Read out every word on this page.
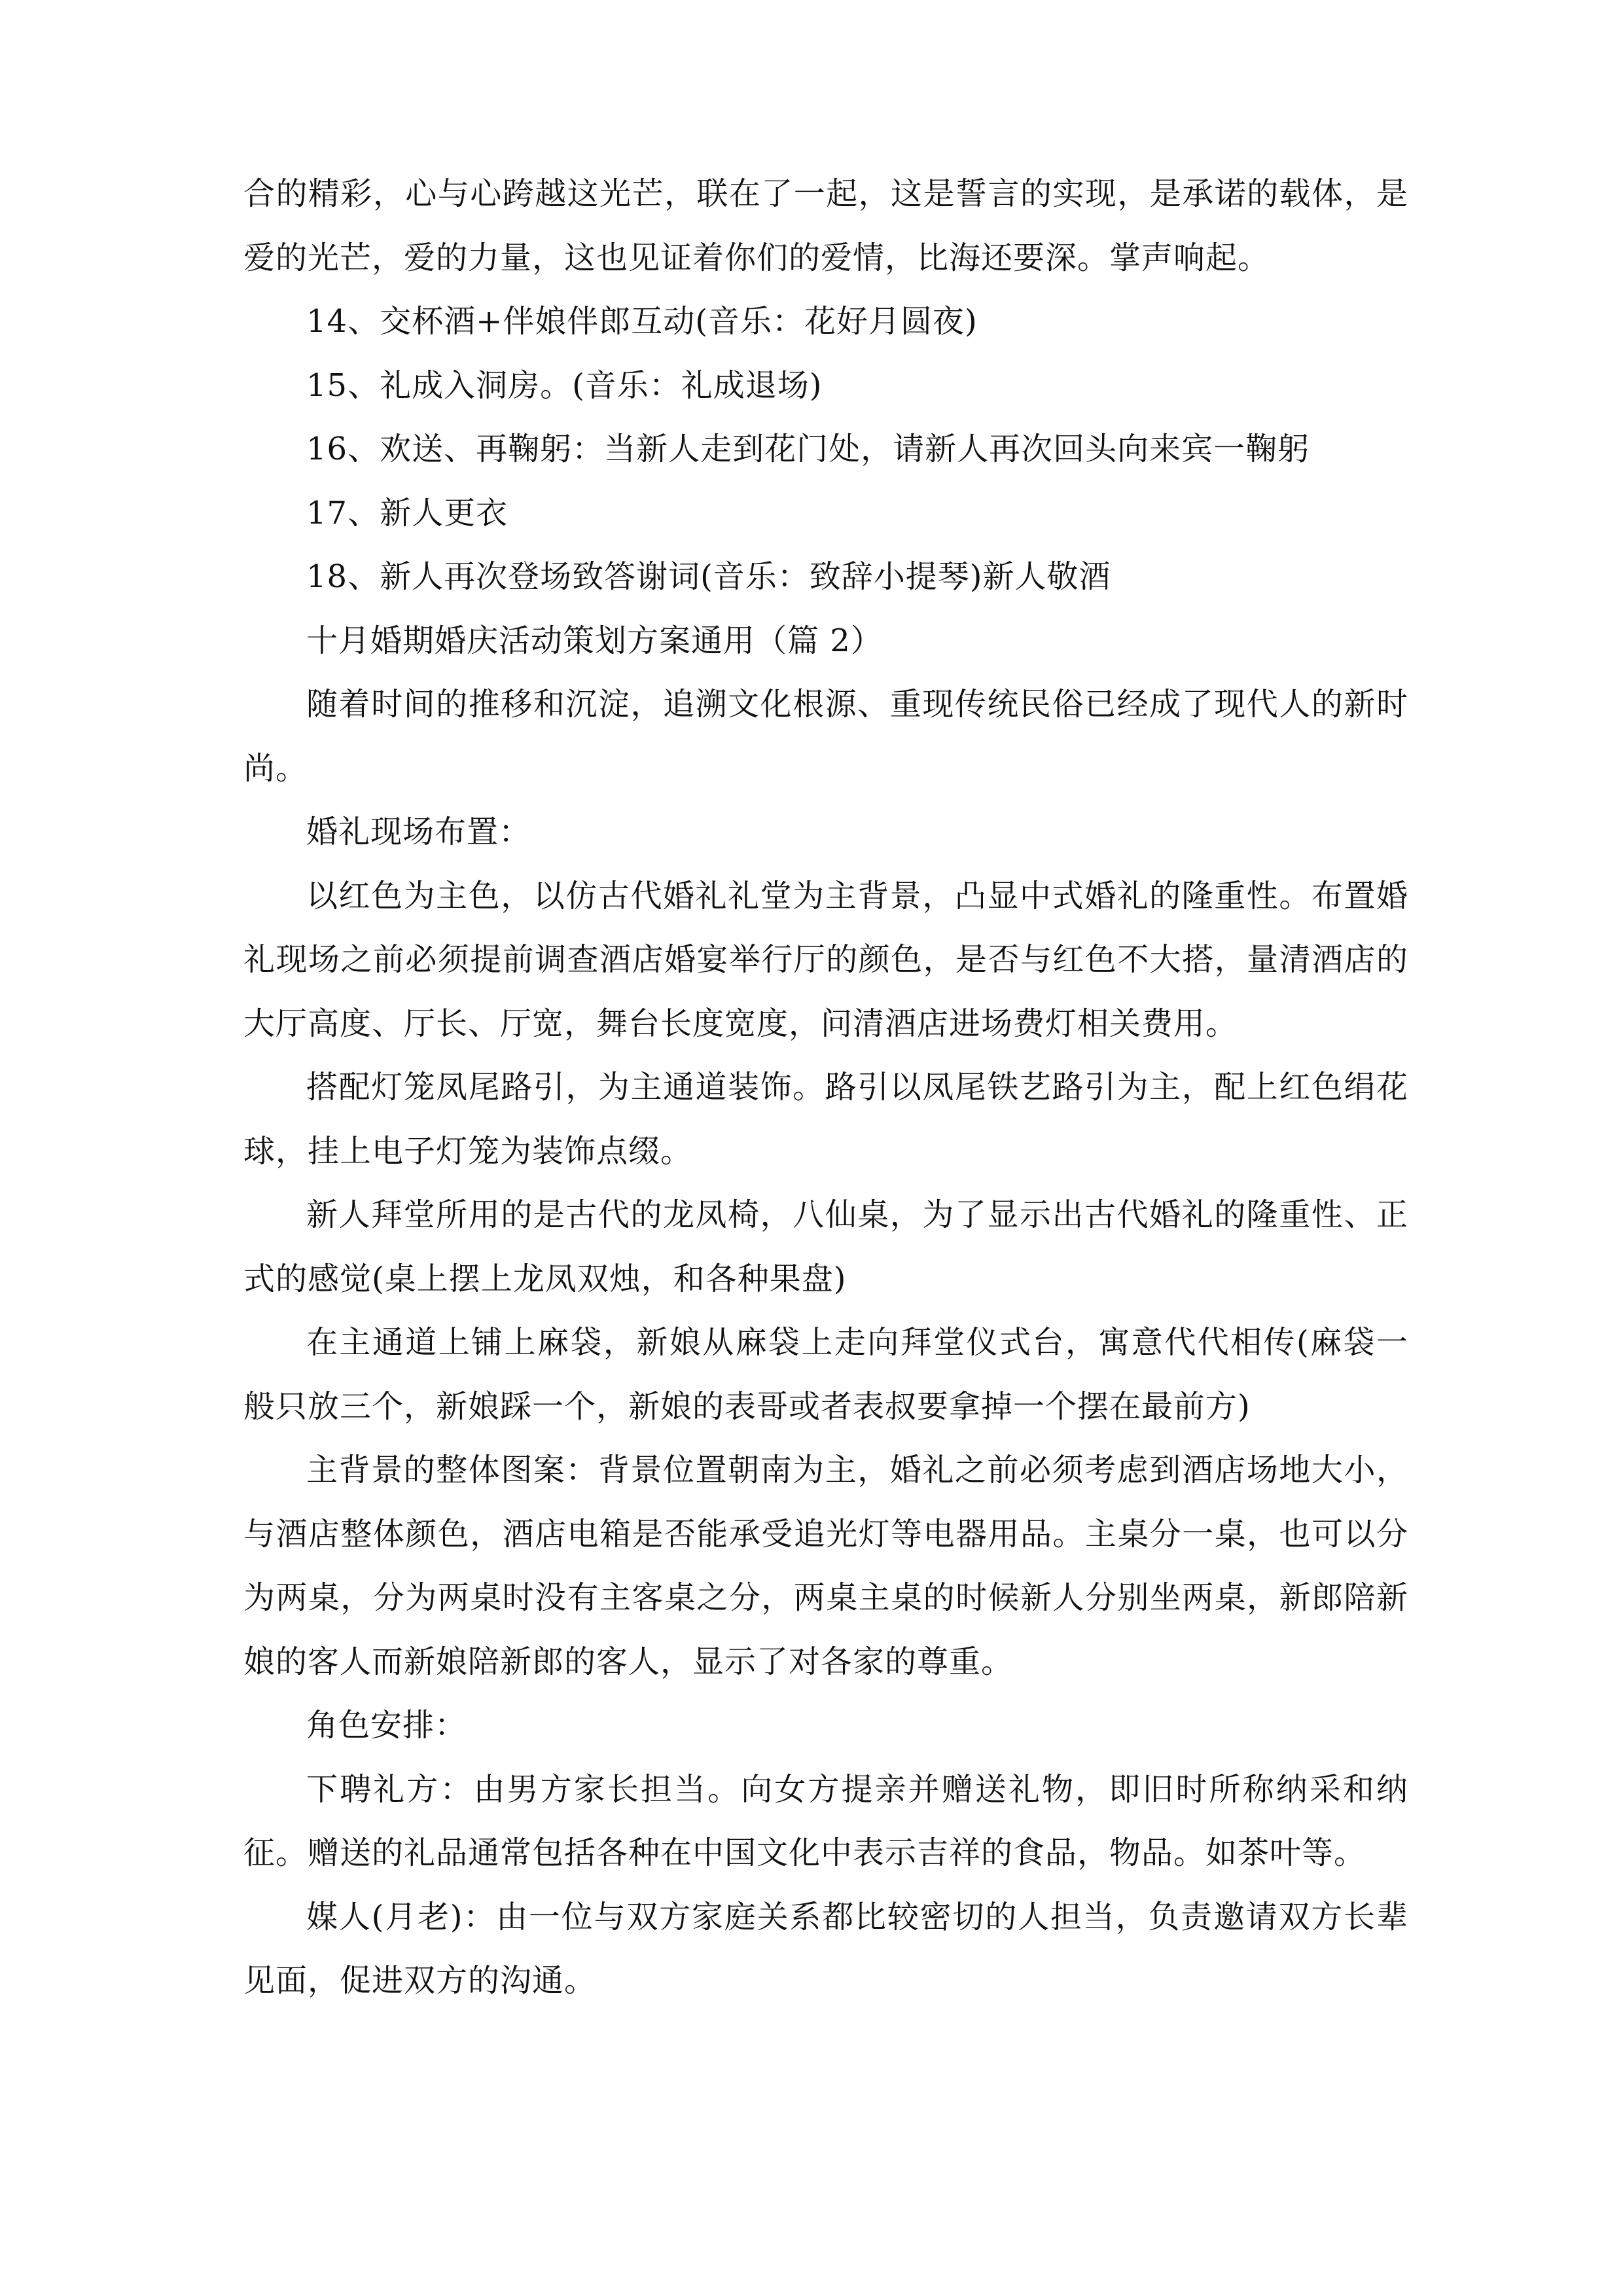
合的精彩，心与心跨越这光芒，联在了一起，这是誓言的实现，是承诺的载体，是爱的光芒，爱的力量，这也见证着你们的爱情，比海还要深。掌声响起。

14、交杯酒+伴娘伴郎互动(音乐：花好月圆夜)

15、礼成入洞房。(音乐：礼成退场)

16、欢送、再鞠躬：当新人走到花门处，请新人再次回头向来宾一鞠躬

17、新人更衣

18、新人再次登场致答谢词(音乐：致辞小提琴)新人敬酒

十月婚期婚庆活动策划方案通用（篇 2）

随着时间的推移和沉淀，追溯文化根源、重现传统民俗已经成了现代人的新时尚。

婚礼现场布置：

以红色为主色，以仿古代婚礼礼堂为主背景，凸显中式婚礼的隆重性。布置婚礼现场之前必须提前调查酒店婚宴举行厅的颜色，是否与红色不大搭，量清酒店的大厅高度、厅长、厅宽，舞台长度宽度，问清酒店进场费灯相关费用。

搭配灯笼凤尾路引，为主通道装饰。路引以凤尾铁艺路引为主，配上红色绢花球，挂上电子灯笼为装饰点缀。

新人拜堂所用的是古代的龙凤椅，八仙桌，为了显示出古代婚礼的隆重性、正式的感觉(桌上摆上龙凤双烛，和各种果盘)

在主通道上铺上麻袋，新娘从麻袋上走向拜堂仪式台，寓意代代相传(麻袋一般只放三个，新娘踩一个，新娘的表哥或者表叔要拿掉一个摆在最前方)

主背景的整体图案：背景位置朝南为主，婚礼之前必须考虑到酒店场地大小，与酒店整体颜色，酒店电箱是否能承受追光灯等电器用品。主桌分一桌，也可以分为两桌，分为两桌时没有主客桌之分，两桌主桌的时候新人分别坐两桌，新郎陪新娘的客人而新娘陪新郎的客人，显示了对各家的尊重。

角色安排：

下聘礼方：由男方家长担当。向女方提亲并赠送礼物，即旧时所称纳采和纳征。赠送的礼品通常包括各种在中国文化中表示吉祥的食品，物品。如茶叶等。

媒人(月老)：由一位与双方家庭关系都比较密切的人担当，负责邀请双方长辈见面，促进双方的沟通。
